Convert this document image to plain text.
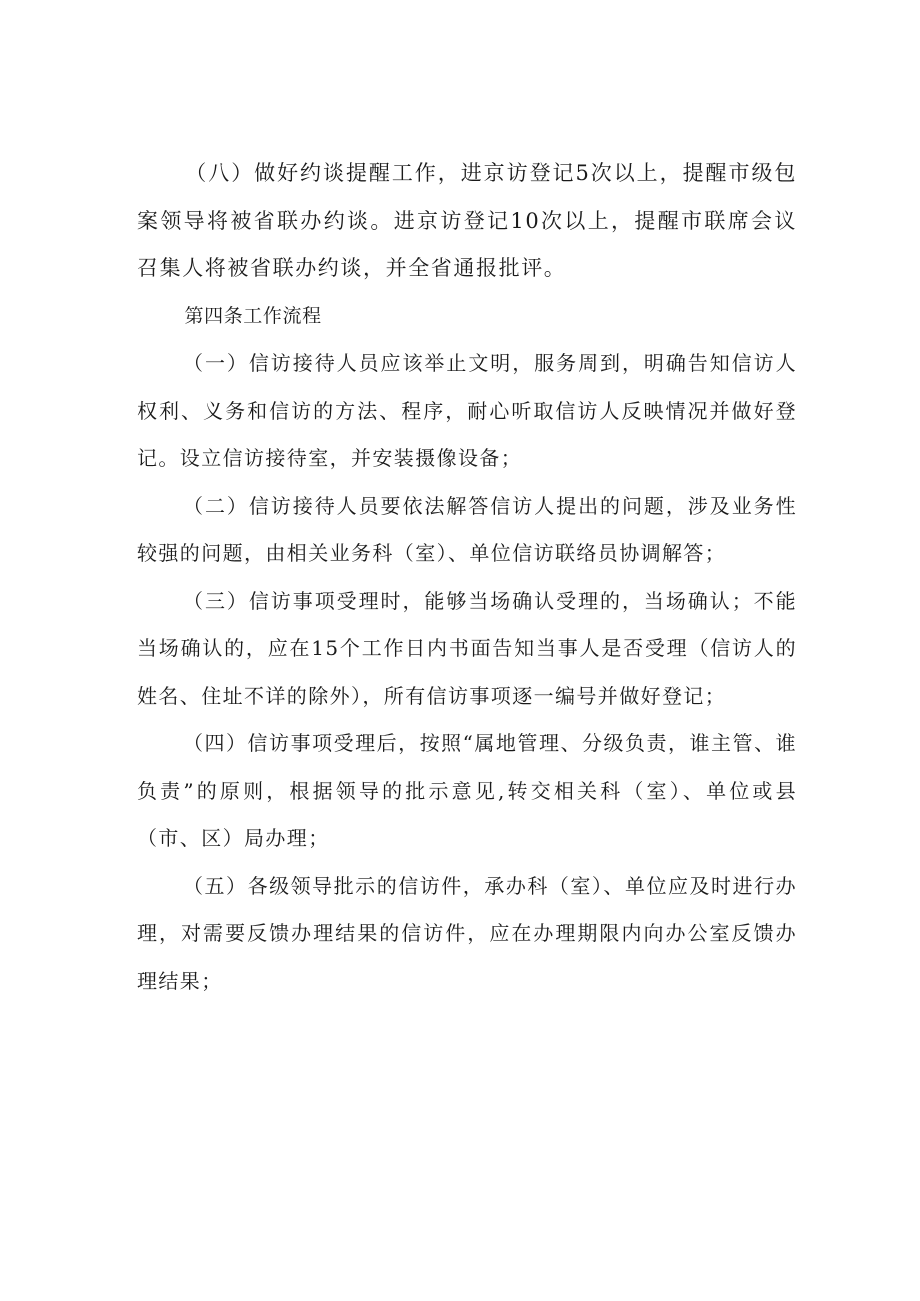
（八）做好约谈提醒工作，进京访登记5次以上，提醒市级包案领导将被省联办约谈。进京访登记10次以上，提醒市联席会议召集人将被省联办约谈，并全省通报批评。

第四条工作流程

（一）信访接待人员应该举止文明，服务周到，明确告知信访人权利、义务和信访的方法、程序，耐心听取信访人反映情况并做好登记。设立信访接待室，并安装摄像设备；

（二）信访接待人员要依法解答信访人提出的问题，涉及业务性较强的问题，由相关业务科（室）、单位信访联络员协调解答；

（三）信访事项受理时，能够当场确认受理的，当场确认；不能当场确认的，应在15个工作日内书面告知当事人是否受理（信访人的姓名、住址不详的除外），所有信访事项逐一编号并做好登记；

（四）信访事项受理后，按照“属地管理、分级负责，谁主管、谁负责”的原则，根据领导的批示意见,转交相关科（室）、单位或县（市、区）局办理；

（五）各级领导批示的信访件，承办科（室）、单位应及时进行办理，对需要反馈办理结果的信访件，应在办理期限内向办公室反馈办理结果；
